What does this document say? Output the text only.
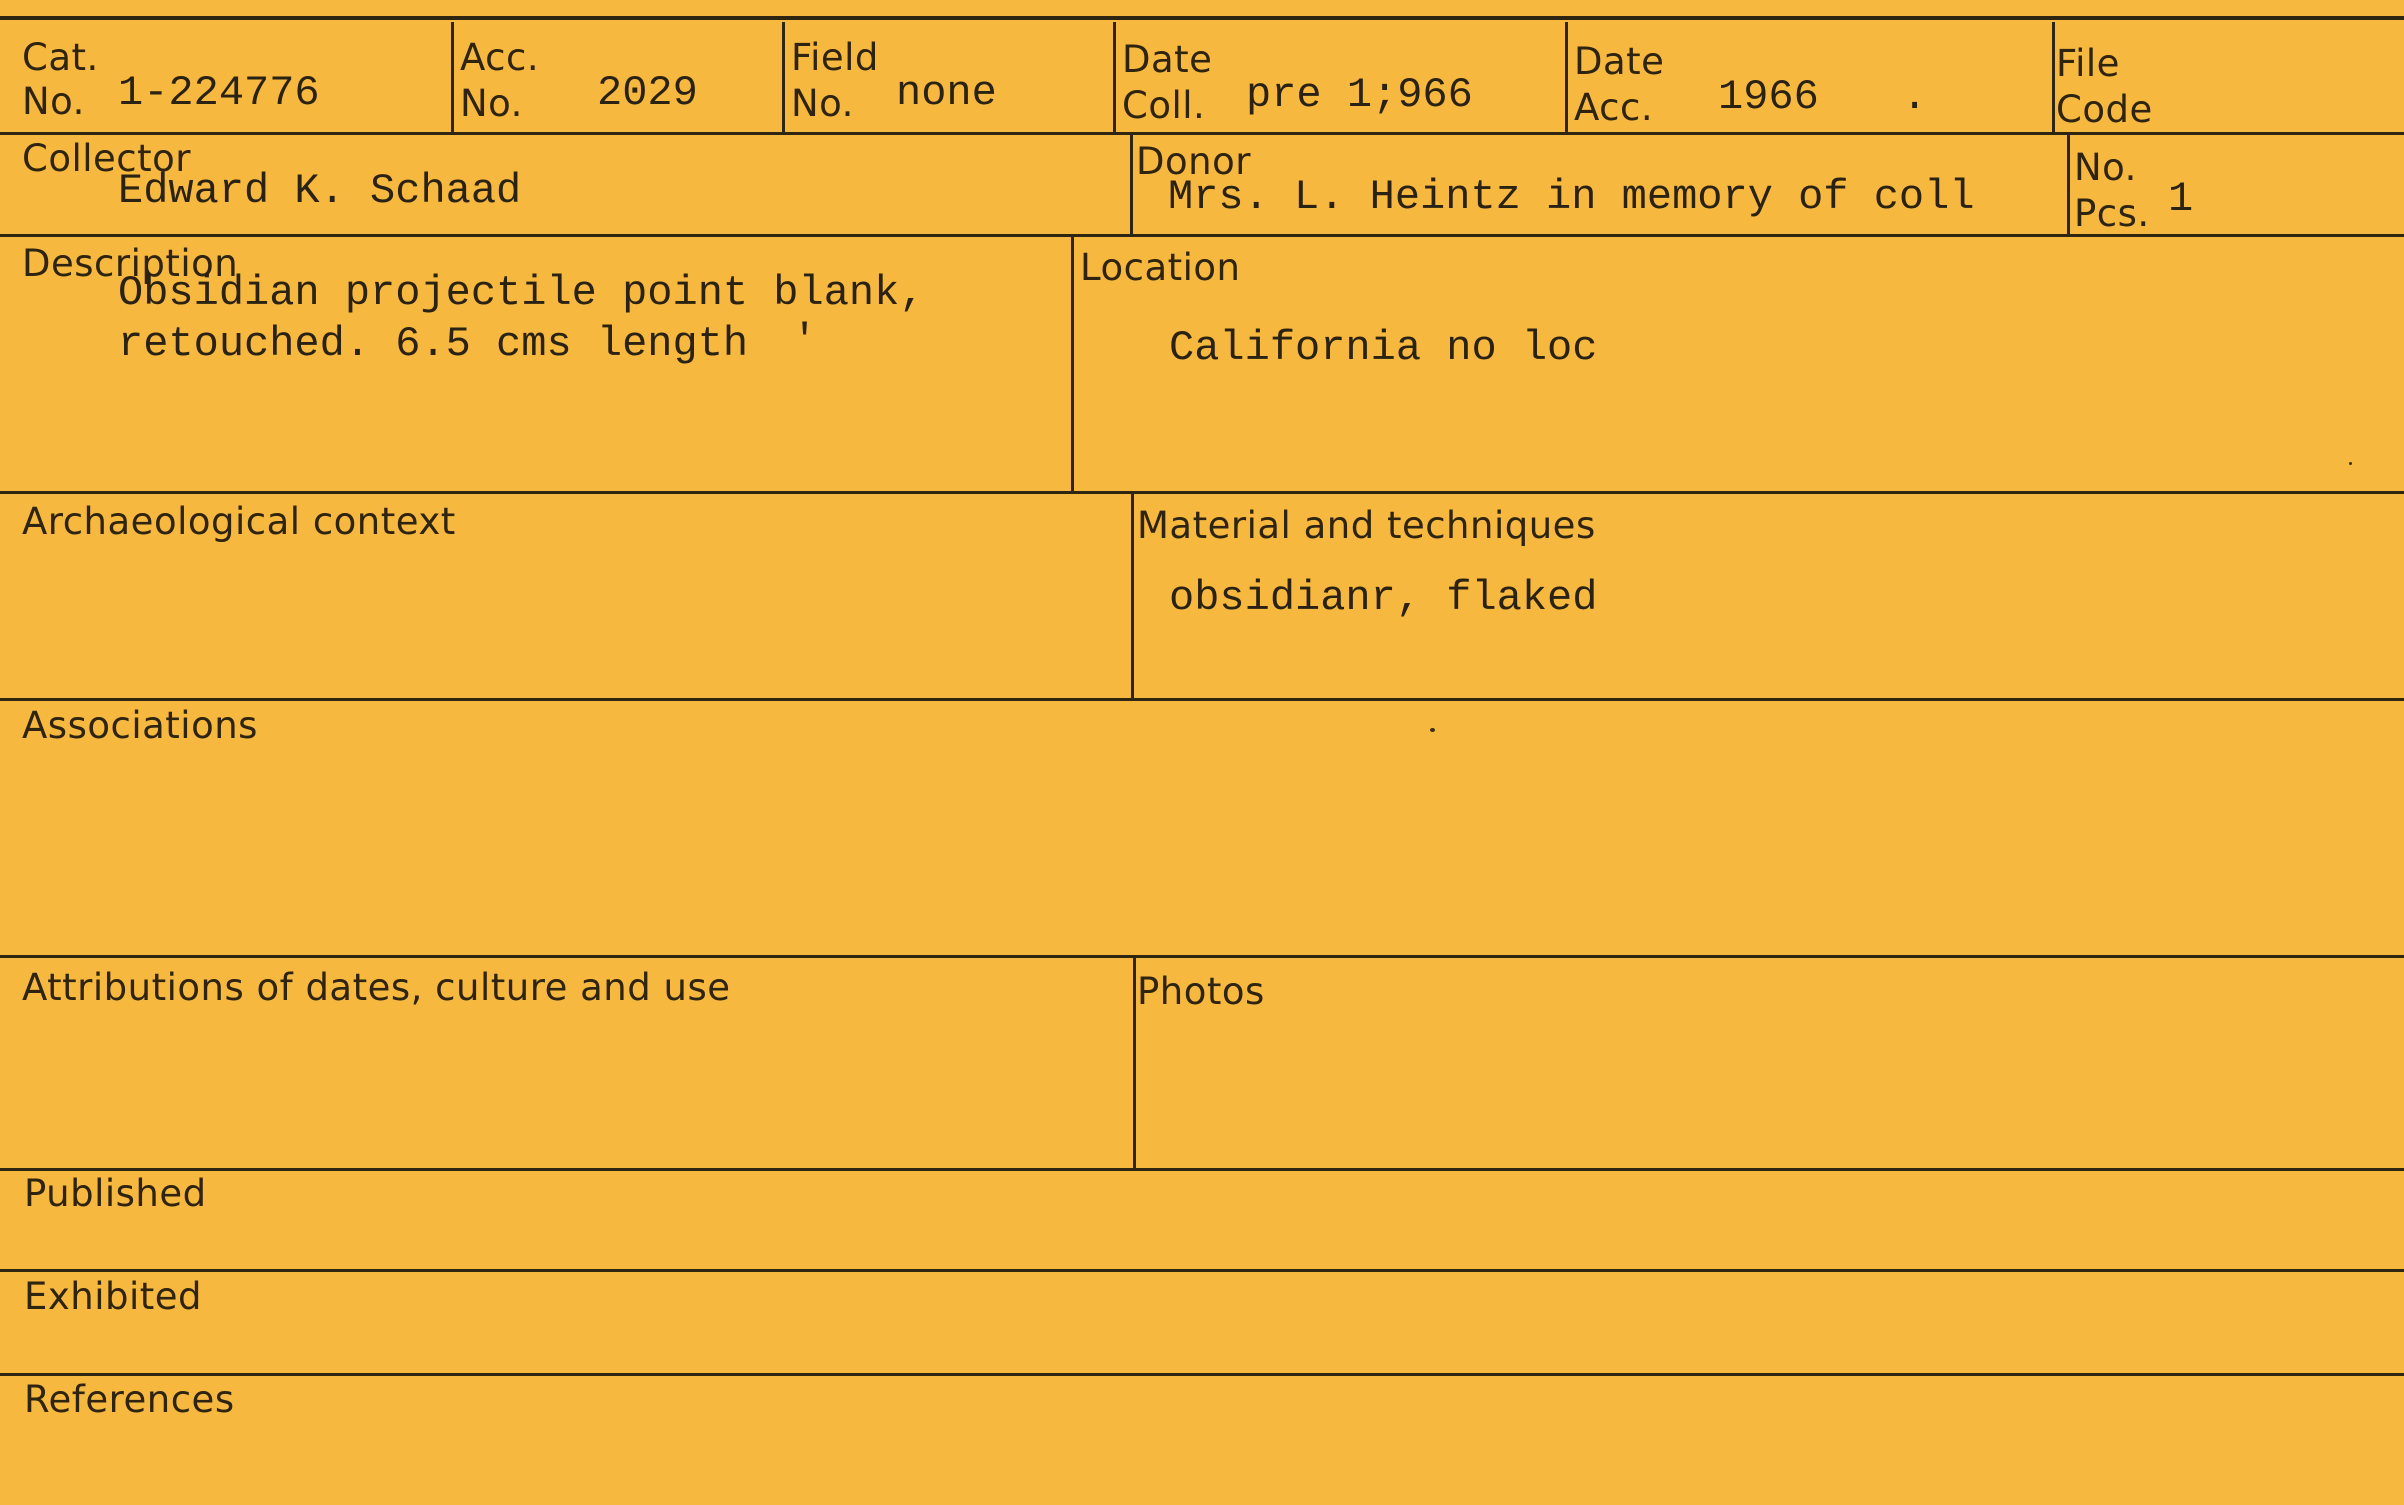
Cat.
No. 1-224776
Acc.
No. 2029
Field
No. none
Date
Coll. pre 1;966
Date
Acc. 1966 .
File
Code
Collector
Edward K. Schaad
Donor
Mrs. L. Heintz in memory of coll
No.
Pcs. 1
Description
Obsidian projectile point blank,
retouched. 6.5 cms length '
Location
California no loc
Archaeological context	Material and techniques
obsidianr, flaked
Associations
Attributions of dates, culture and use	Photos
Published
Exhibited
References
